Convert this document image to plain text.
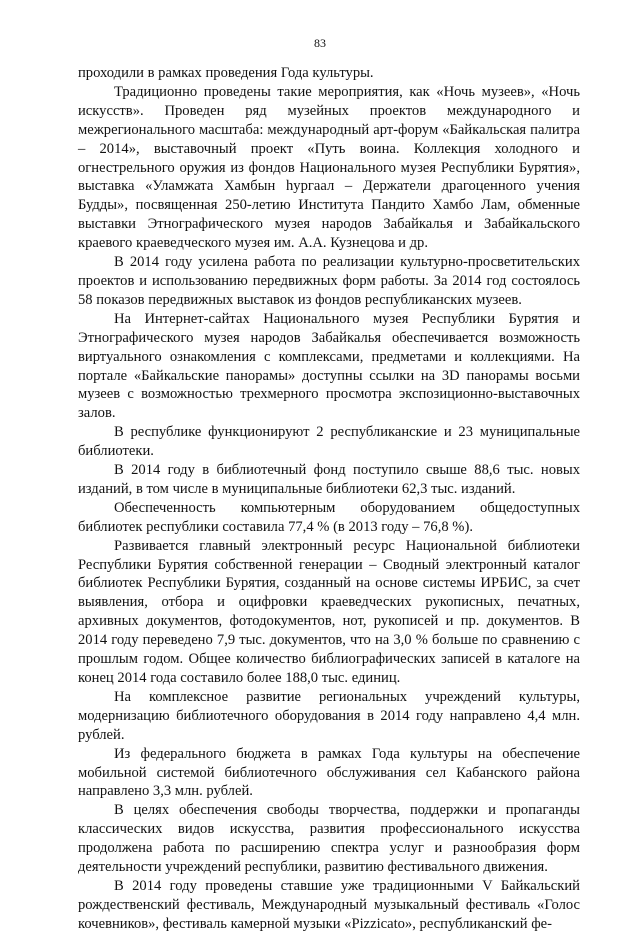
83

проходили в рамках проведения Года культуры.

Традиционно проведены такие мероприятия, как «Ночь музеев», «Ночь искусств». Проведен ряд музейных проектов международного и межрегионального масштаба: международный арт-форум «Байкальская палитра – 2014», выставочный проект «Путь воина. Коллекция холодного и огнестрельного оружия из фондов Национального музея Республики Бурятия», выставка «Уламжата Хамбын һургаал – Держатели драгоценного учения Будды», посвященная 250-летию Института Пандито Хамбо Лам, обменные выставки Этнографического музея народов Забайкалья и Забайкальского краевого краеведческого музея им. А.А. Кузнецова и др.

В 2014 году усилена работа по реализации культурно-просветительских проектов и использованию передвижных форм работы. За 2014 год состоялось 58 показов передвижных выставок из фондов республиканских музеев.

На Интернет-сайтах Национального музея Республики Бурятия и Этнографического музея народов Забайкалья обеспечивается возможность виртуального ознакомления с комплексами, предметами и коллекциями. На портале «Байкальские панорамы» доступны ссылки на 3D панорамы восьми музеев с возможностью трехмерного просмотра экспозиционно-выставочных залов.

В республике функционируют 2 республиканские и 23 муниципальные библиотеки.

В 2014 году в библиотечный фонд поступило свыше 88,6 тыс. новых изданий, в том числе в муниципальные библиотеки 62,3 тыс. изданий.

Обеспеченность компьютерным оборудованием общедоступных библиотек республики составила 77,4 % (в 2013 году – 76,8 %).

Развивается главный электронный ресурс Национальной библиотеки Республики Бурятия собственной генерации – Сводный электронный каталог библиотек Республики Бурятия, созданный на основе системы ИРБИС, за счет выявления, отбора и оцифровки краеведческих рукописных, печатных, архивных документов, фотодокументов, нот, рукописей и пр. документов. В 2014 году переведено 7,9 тыс. документов, что на 3,0 % больше по сравнению с прошлым годом. Общее количество библиографических записей в каталоге на конец 2014 года составило более 188,0 тыс. единиц.

На комплексное развитие региональных учреждений культуры, модернизацию библиотечного оборудования в 2014 году направлено 4,4 млн. рублей.

Из федерального бюджета в рамках Года культуры на обеспечение мобильной системой библиотечного обслуживания сел Кабанского района направлено 3,3 млн. рублей.

В целях обеспечения свободы творчества, поддержки и пропаганды классических видов искусства, развития профессионального искусства продолжена работа по расширению спектра услуг и разнообразия форм деятельности учреждений республики, развитию фестивального движения.

В 2014 году проведены ставшие уже традиционными V Байкальский рождественский фестиваль, Международный музыкальный фестиваль «Голос кочевников», фестиваль камерной музыки «Pizzicato», республиканский фе-
